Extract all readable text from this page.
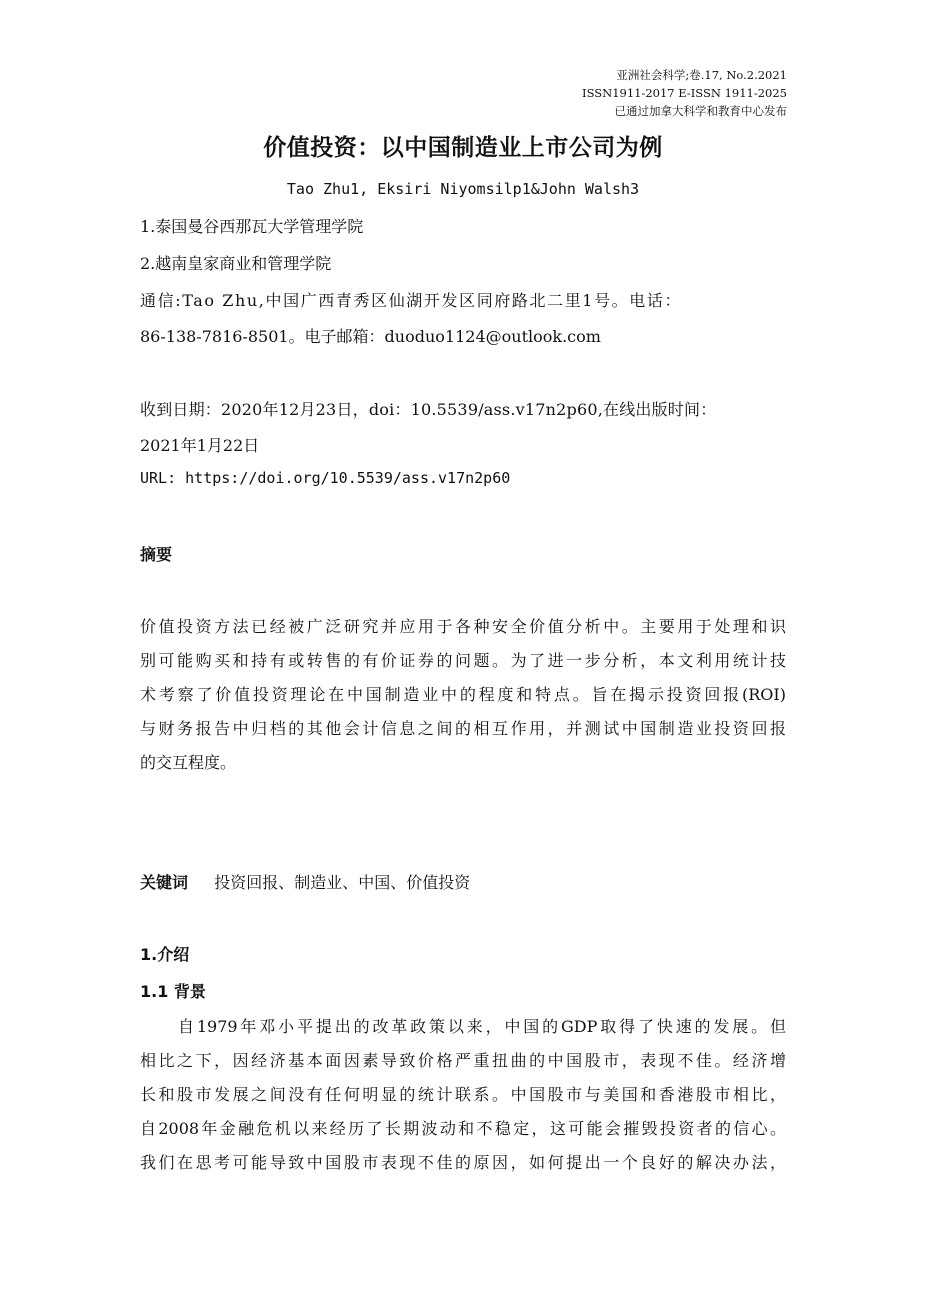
亚洲社会科学;卷.17, No.2.2021
ISSN1911-2017 E-ISSN 1911-2025
已通过加拿大科学和教育中心发布
价值投资：以中国制造业上市公司为例
Tao Zhu1, Eksiri Niyomsilp1&John Walsh3
1.泰国曼谷西那瓦大学管理学院
2.越南皇家商业和管理学院
通信:Tao Zhu,中国广西青秀区仙湖开发区同府路北二里1号。电话：
86-138-7816-8501。电子邮箱：duoduo1124@outlook.com
收到日期：2020年12月23日，doi：10.5539/ass.v17n2p60,在线出版时间：
2021年1月22日
URL: https://doi.org/10.5539/ass.v17n2p60
摘要
价值投资方法已经被广泛研究并应用于各种安全价值分析中。主要用于处理和识
别可能购买和持有或转售的有价证券的问题。为了进一步分析，本文利用统计技
术考察了价值投资理论在中国制造业中的程度和特点。旨在揭示投资回报(ROI)
与财务报告中归档的其他会计信息之间的相互作用，并测试中国制造业投资回报
的交互程度。
关键词 投资回报、制造业、中国、价值投资
1.介绍
1.1 背景
自1979年邓小平提出的改革政策以来，中国的GDP取得了快速的发展。但
相比之下，因经济基本面因素导致价格严重扭曲的中国股市，表现不佳。经济增
长和股市发展之间没有任何明显的统计联系。中国股市与美国和香港股市相比，
自2008年金融危机以来经历了长期波动和不稳定，这可能会摧毁投资者的信心。
我们在思考可能导致中国股市表现不佳的原因，如何提出一个良好的解决办法，
